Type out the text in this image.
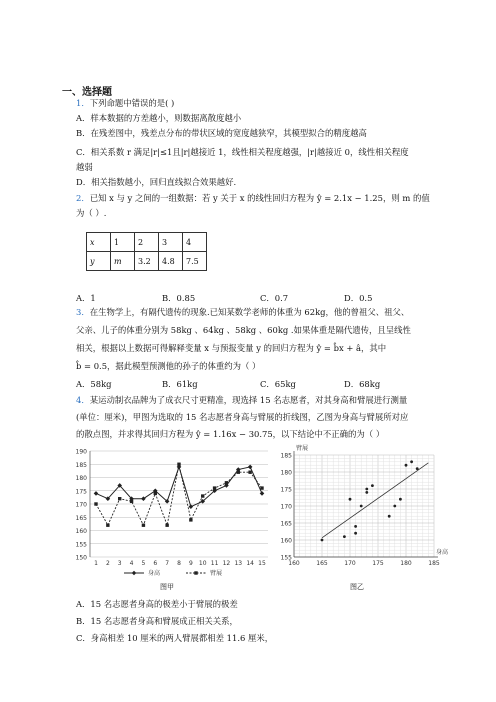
一、选择题
1．下列命题中错误的是( )
A．样本数据的方差越小，则数据离散度越小
B．在残差图中，残差点分布的带状区域的宽度越狭窄，其模型拟合的精度越高
C．相关系数 r 满足|r|≤1且|r|越接近 1，线性相关程度越强，|r|越接近 0，线性相关程度
越弱
D．相关指数越小，回归直线拟合效果越好.
2．已知 x 与 y 之间的一组数据：若 y 关于 x 的线性回归方程为 ŷ = 2.1x − 1.25，则 m 的值
为（ ）.
x	1	2	3	4
y	m	3.2	4.8	7.5
A．1	B．0.85	C．0.7	D．0.5
3．在生物学上，有隔代遗传的现象.已知某数学老师的体重为 62kg，他的曾祖父、祖父、
父亲、儿子的体重分别为 58kg 、64kg 、58kg 、60kg .如果体重是隔代遗传，且呈线性
相关，根据以上数据可得解释变量 x 与预报变量 y 的回归方程为 ŷ = b̂x + â，其中
b̂ = 0.5，据此模型预测他的孙子的体重约为（ ）
A．58kg	B．61kg	C．65kg	D．68kg
4．某运动制衣品牌为了成衣尺寸更精准，现选择 15 名志愿者，对其身高和臂展进行测量
(单位：厘米)，甲图为选取的 15 名志愿者身高与臂展的折线图，乙图为身高与臂展所对应
的散点图，并求得其回归方程为 ŷ = 1.16x − 30.75，以下结论中不正确的为（ ）
190
185
180
175
170
165
160
155
150
1 2 3 4 5 6 7 8 9 10 11 12 13 14 15
身高	臂展
图甲
185
180
175
170
165
160
155
160	165	170	175	180	185
臂展
身高
图乙
A．15 名志愿者身高的极差小于臂展的极差
B．15 名志愿者身高和臂展成正相关关系，
C．身高相差 10 厘米的两人臂展都相差 11.6 厘米，
